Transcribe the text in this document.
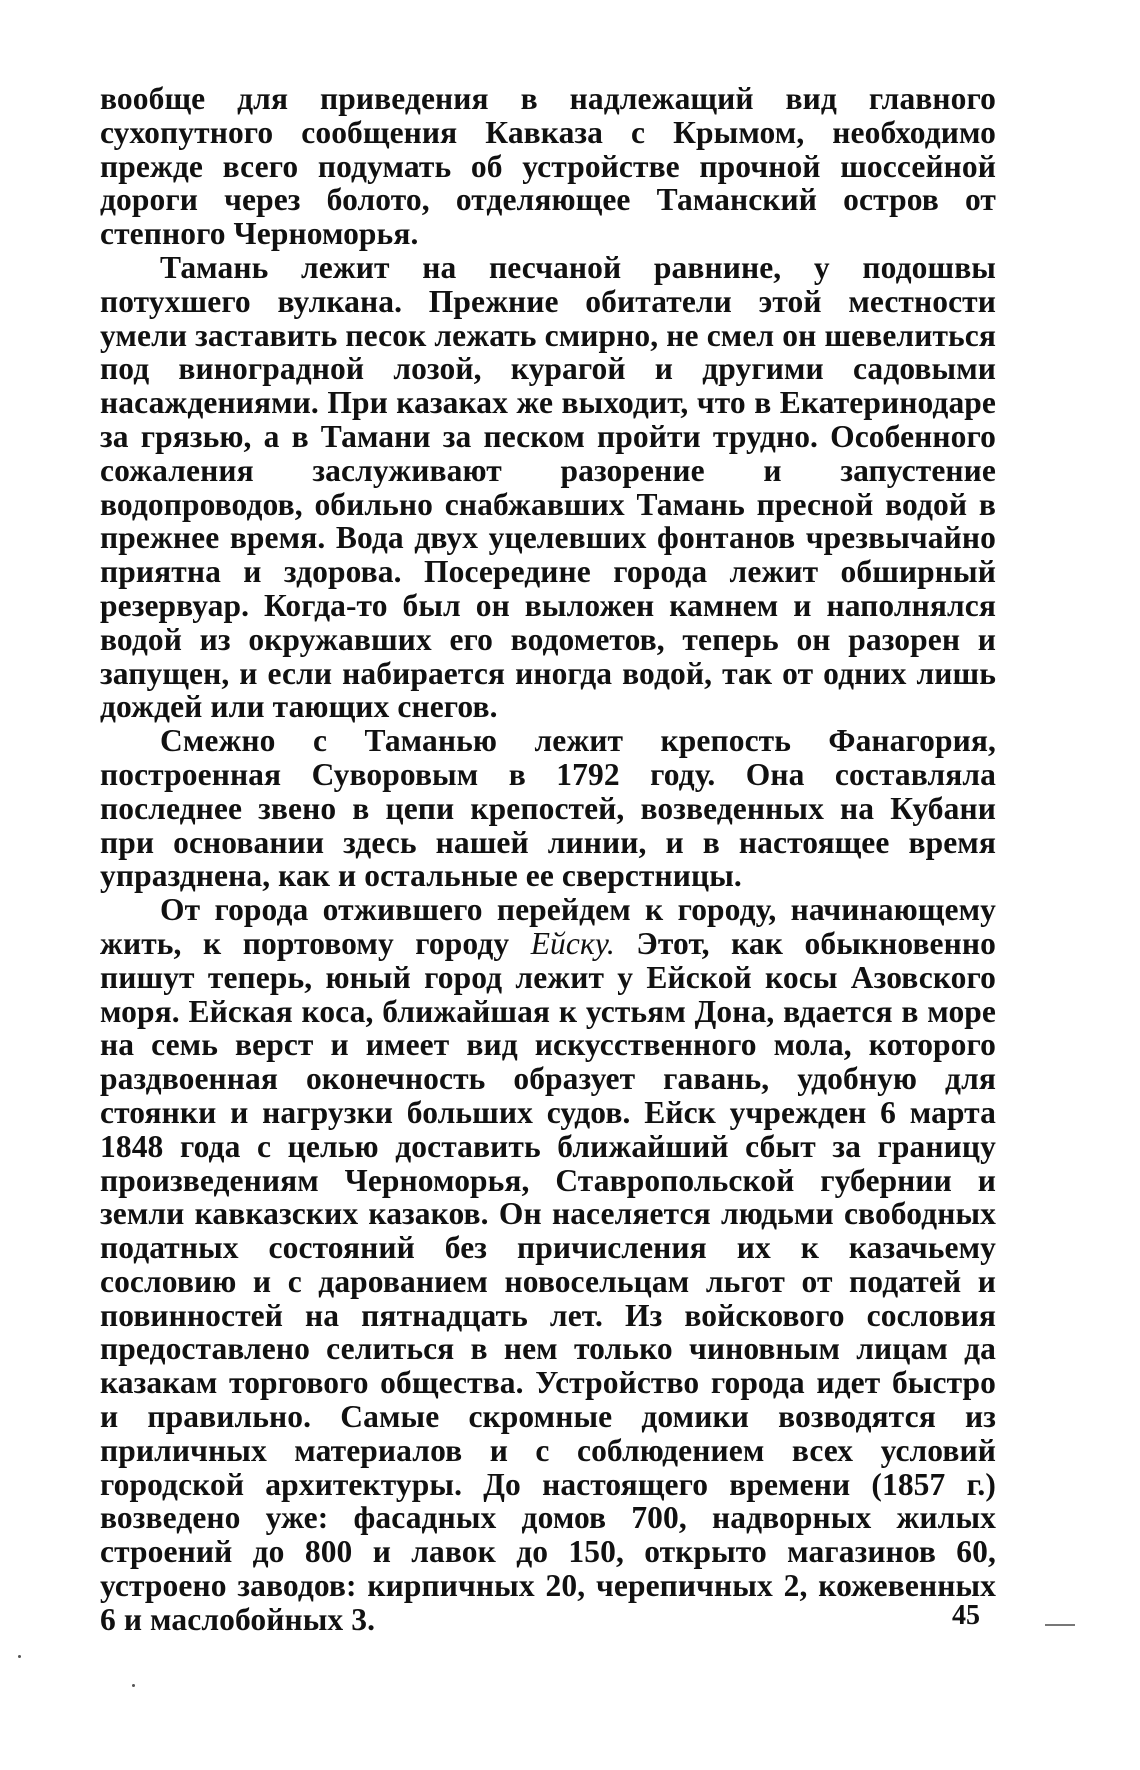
вообще для приведения в надлежащий вид главного сухопутного сообщения Кавказа с Крымом, необходимо прежде всего подумать об устройстве прочной шоссейной дороги через болото, отделяющее Таманский остров от степного Черноморья.

Тамань лежит на песчаной равнине, у подошвы потухшего вулкана. Прежние обитатели этой местности умели заставить песок лежать смирно, не смел он шевелиться под виноградной лозой, курагой и другими садовыми насаждениями. При казаках же выходит, что в Екатеринодаре за грязью, а в Тамани за песком пройти трудно. Особенного сожаления заслуживают разорение и запустение водопроводов, обильно снабжавших Тамань пресной водой в прежнее время. Вода двух уцелевших фонтанов чрезвычайно приятна и здорова. Посередине города лежит обширный резервуар. Когда-то был он выложен камнем и наполнялся водой из окружавших его водометов, теперь он разорен и запущен, и если набирается иногда водой, так от одних лишь дождей или тающих снегов.

Смежно с Таманью лежит крепость Фанагория, построенная Суворовым в 1792 году. Она составляла последнее звено в цепи крепостей, возведенных на Кубани при основании здесь нашей линии, и в настоящее время упразднена, как и остальные ее сверстницы.

От города отжившего перейдем к городу, начинающему жить, к портовому городу Ейску. Этот, как обыкновенно пишут теперь, юный город лежит у Ейской косы Азовского моря. Ейская коса, ближайшая к устьям Дона, вдается в море на семь верст и имеет вид искусственного мола, которого раздвоенная оконечность образует гавань, удобную для стоянки и нагрузки больших судов. Ейск учрежден 6 марта 1848 года с целью доставить ближайший сбыт за границу произведениям Черноморья, Ставропольской губернии и земли кавказских казаков. Он населяется людьми свободных податных состояний без причисления их к казачьему сословию и с дарованием новосельцам льгот от податей и повинностей на пятнадцать лет. Из войскового сословия предоставлено селиться в нем только чиновным лицам да казакам торгового общества. Устройство города идет быстро и правильно. Самые скромные домики возводятся из приличных материалов и с соблюдением всех условий городской архитектуры. До настоящего времени (1857 г.) возведено уже: фасадных домов 700, надворных жилых строений до 800 и лавок до 150, открыто магазинов 60, устроено заводов: кирпичных 20, черепичных 2, кожевенных 6 и маслобойных 3.	45
